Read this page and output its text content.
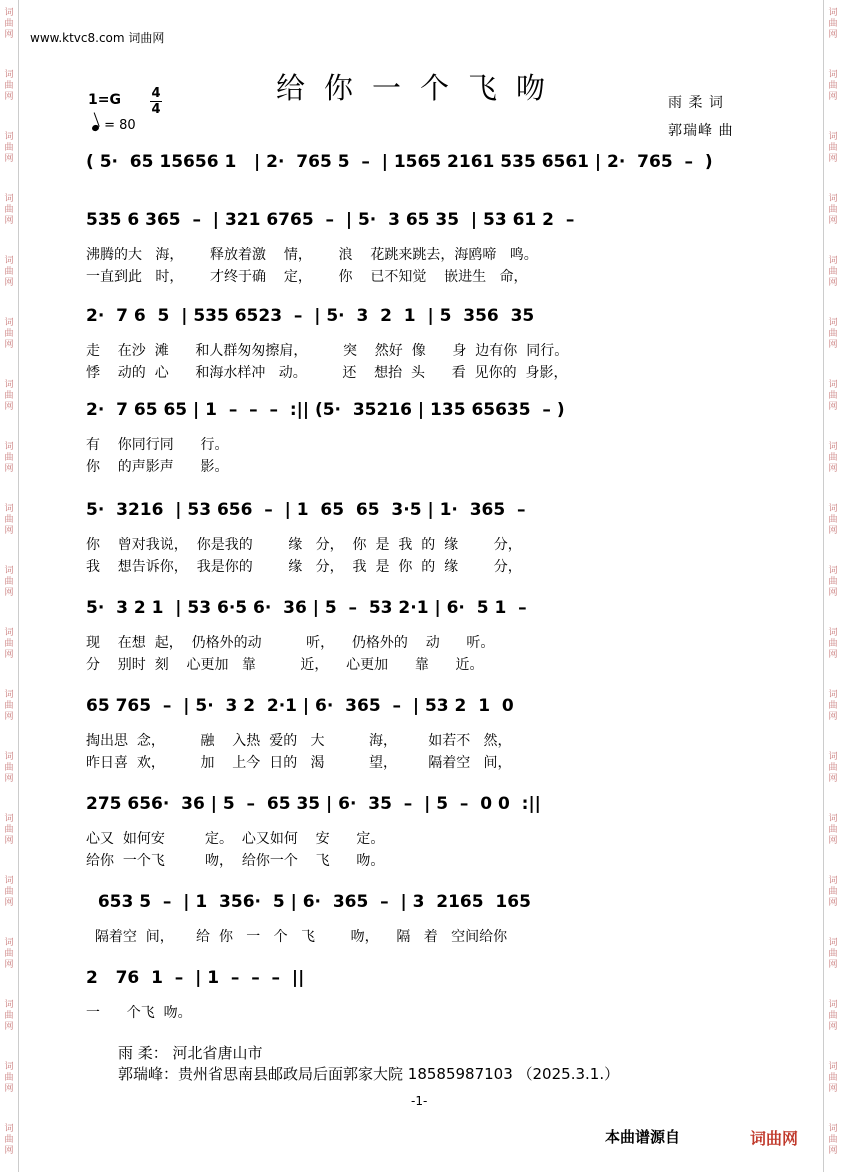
词曲网
词曲网
词曲网
词曲网
词曲网
词曲网
词曲网
词曲网
词曲网
词曲网
词曲网
词曲网
词曲网
词曲网
词曲网
词曲网
词曲网
词曲网
词曲网
词曲网
词曲网
词曲网
词曲网
词曲网
词曲网
词曲网
词曲网
词曲网
词曲网
词曲网
词曲网
词曲网
词曲网
词曲网
词曲网
词曲网
词曲网
词曲网
www.ktvc8.com 词曲网
给你一个飞吻	雨 柔 词
郭瑞峰 曲
1=G 4
4
= 80
( 5·  65 15656 1   | 2·  765 5  –  | 1565 2161 535 6561 | 2·  765  –  )
535 6 365  –  | 321 6765  –  | 5·  3 65 35  | 53 61 2  –
沸腾的大   海，      释放着激    情，      浪    花跳来跳去，海鸥啼   鸣。
一直到此   时，      才终于确    定，      你    已不知觉    嵌进生   命，
2·  7 6  5  | 535 6523  –  | 5·  3  2  1  | 5  356  35
走    在沙  滩      和人群匆匆擦肩，        突    然好  像      身  边有你  同行。
悸    动的  心      和海水样冲   动。        还    想抬  头      看  见你的  身影，
2·  7 65 65 | 1  –  –  –  :|| (5·  35216 | 135 65635  – )
有    你同行同      行。
你    的声影声      影。
5·  3216  | 53 656  –  | 1  65  65  3·5 | 1·  365  –
你    曾对我说，  你是我的        缘   分，  你  是  我  的  缘        分，
我    想告诉你，  我是你的        缘   分，  我  是  你  的  缘        分，
5·  3 2 1  | 53 6·5 6·  36 | 5  –  53 2·1 | 6·  5 1  –
现    在想  起，  仍格外的动          听，    仍格外的    动      听。
分    别时  刻    心更加   靠          近，    心更加      靠      近。
65 765  –  | 5·  3 2  2·1 | 6·  365  –  | 53 2  1  0
掏出思  念，        融    入热  爱的   大          海，       如若不   然，
昨日喜  欢，        加    上今  日的   渴          望，       隔着空   间，
275 656·  36 | 5  –  65 35 | 6·  35  –  | 5  –  0 0  :||
心又  如何安         定。  心又如何    安      定。
给你  一个飞         吻，  给你一个    飞      吻。
653 5  –  | 1  356·  5 | 6·  365  –  | 3  2165  165
隔着空  间，     给  你   一   个   飞        吻，    隔   着   空间给你
2   76  1  –  | 1  –  –  –  ||
一      个飞  吻。
雨 柔： 河北省唐山市
郭瑞峰：贵州省思南县邮政局后面郭家大院 18585987103 （2025.3.1.）
-1-
本曲谱源自	词曲网
